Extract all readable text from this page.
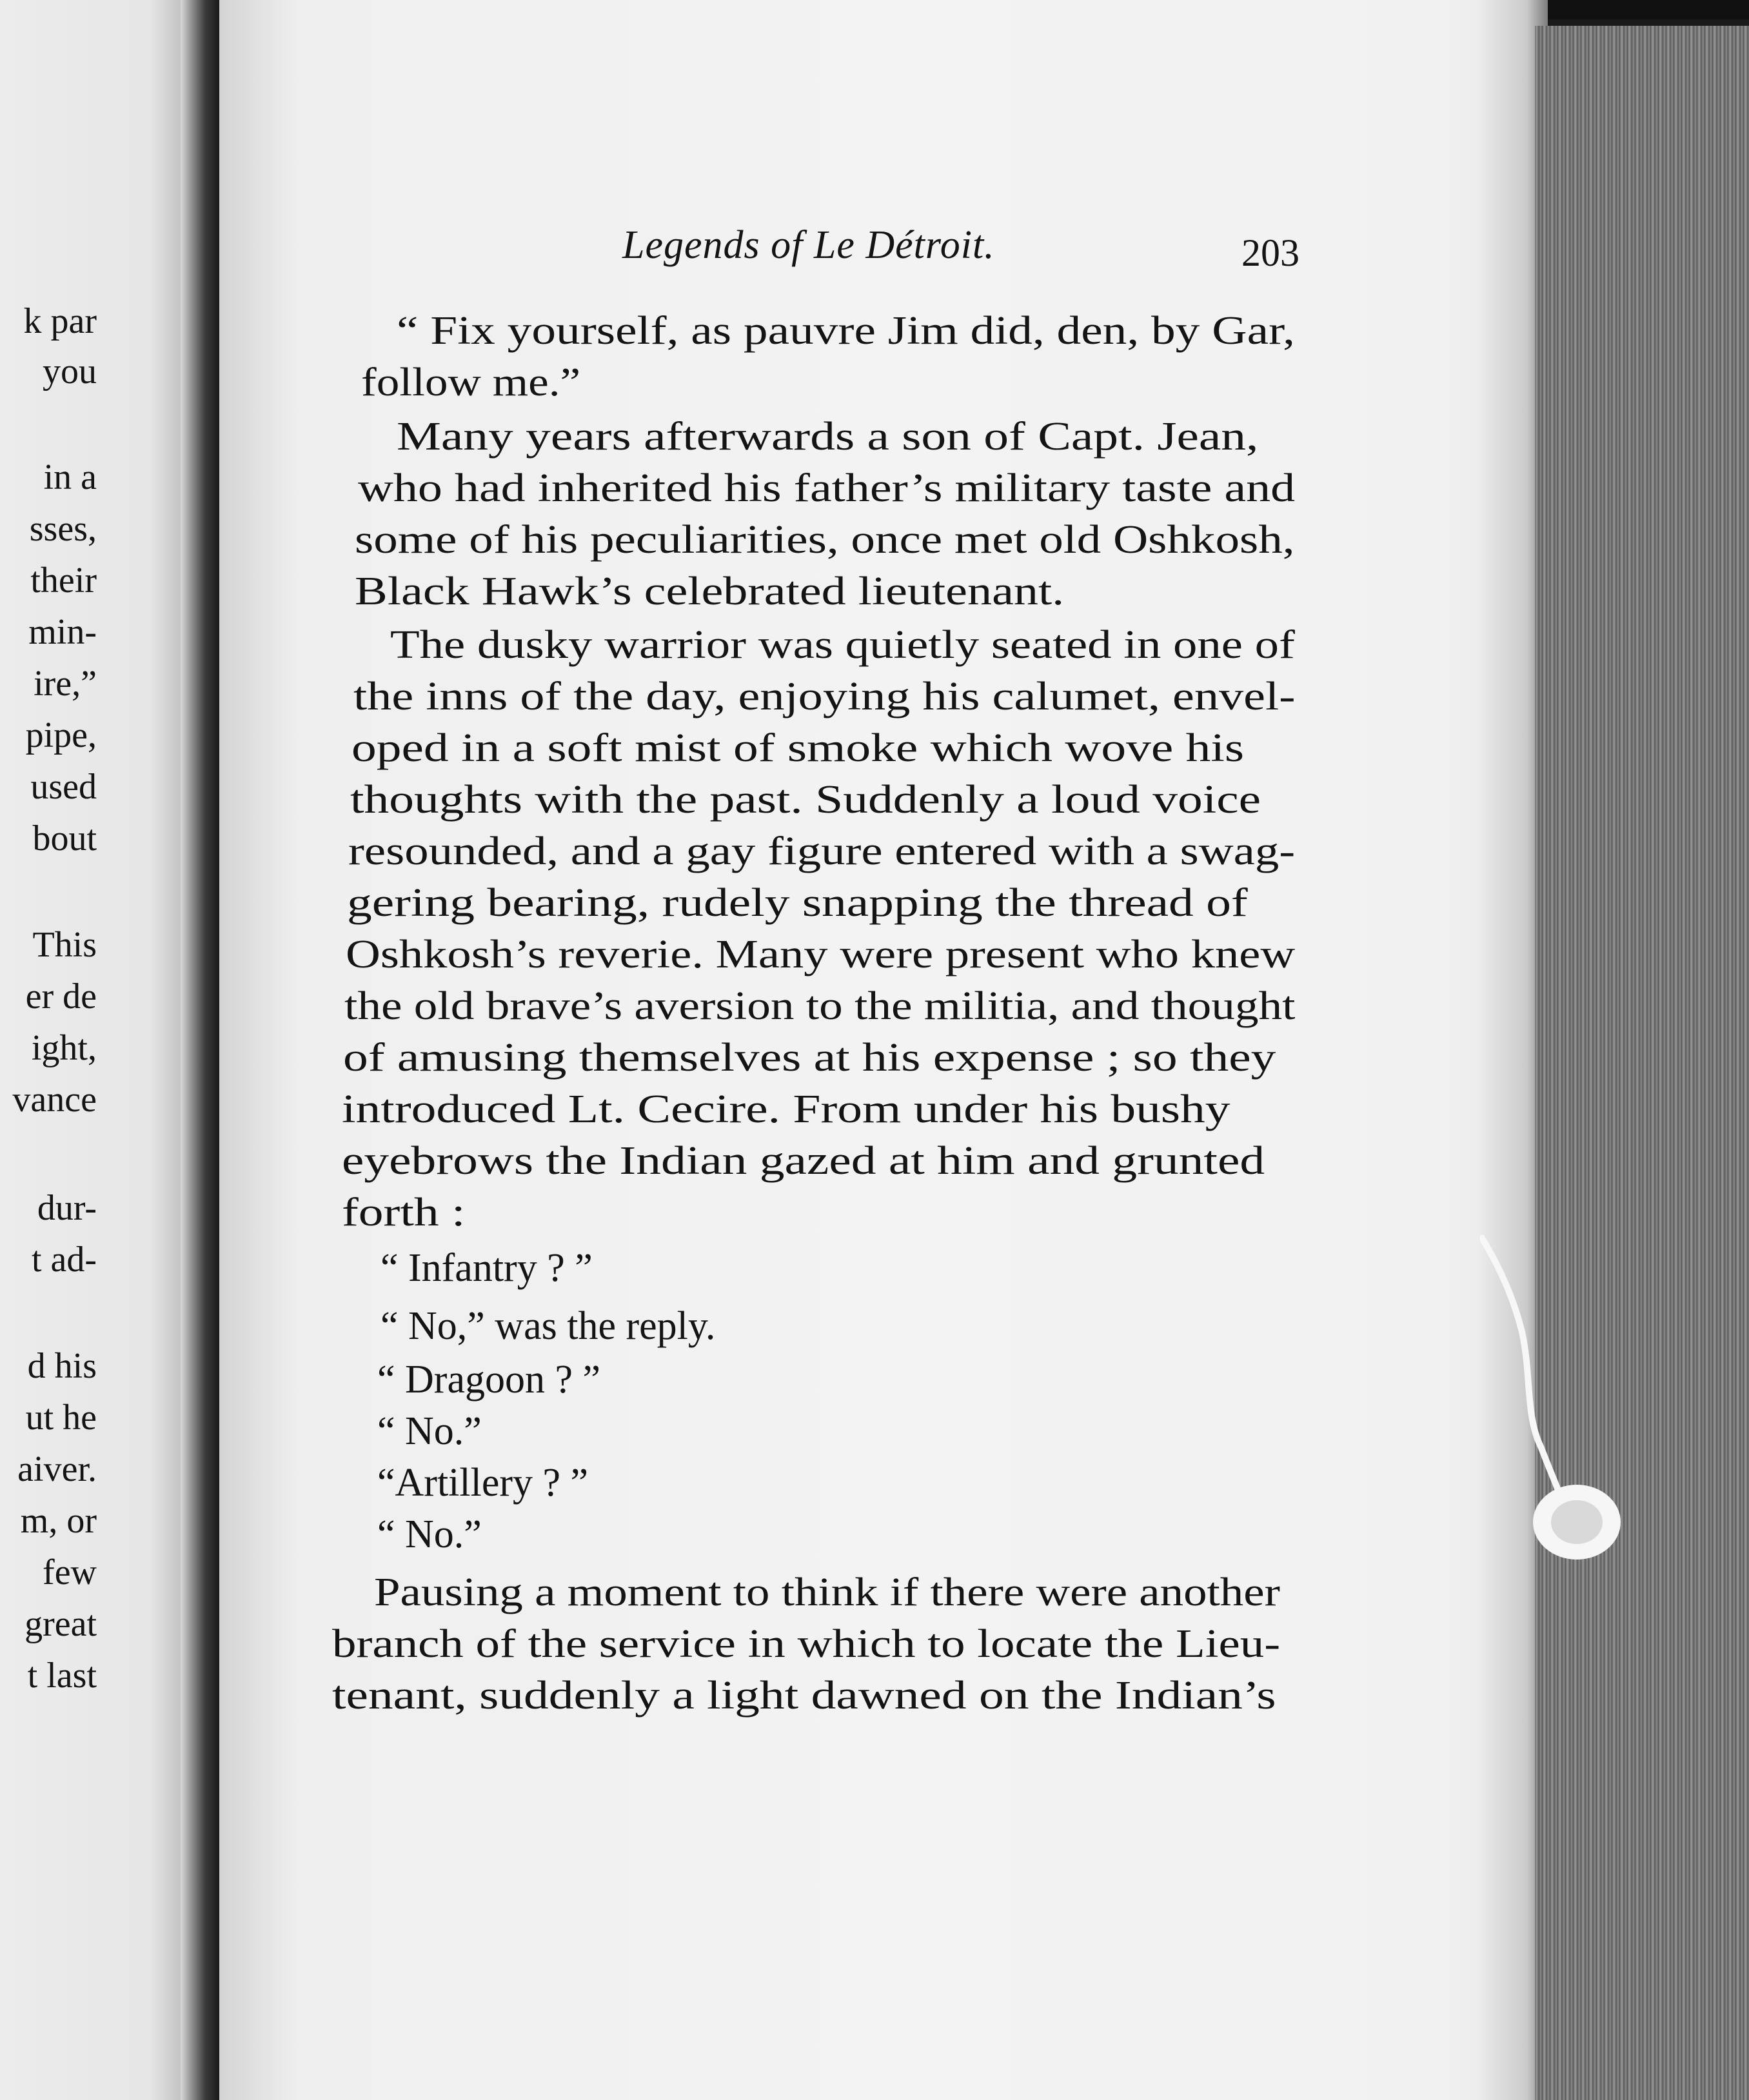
k par
you
in a
sses,
their
min-
ire,”
pipe,
used
bout
This
er de
ight,
vance
dur-
t ad-
d his
ut he
aiver.
m, or
few
great
t last
Legends of Le Détroit.	203
“ Fix yourself, as pauvre Jim did, den, by Gar,
follow me.”
Many years afterwards a son of Capt. Jean,
who had inherited his father’s military taste and
some of his peculiarities, once met old Oshkosh,
Black Hawk’s celebrated lieutenant.
The dusky warrior was quietly seated in one of
the inns of the day, enjoying his calumet, envel-
oped in a soft mist of smoke which wove his
thoughts with the past. Suddenly a loud voice
resounded, and a gay figure entered with a swag-
gering bearing, rudely snapping the thread of
Oshkosh’s reverie. Many were present who knew
the old brave’s aversion to the militia, and thought
of amusing themselves at his expense ; so they
introduced Lt. Cecire. From under his bushy
eyebrows the Indian gazed at him and grunted
forth :
“ Infantry ? ”
“ No,” was the reply.
“ Dragoon ? ”
“ No.”
“Artillery ? ”
“ No.”
Pausing a moment to think if there were another
branch of the service in which to locate the Lieu-
tenant, suddenly a light dawned on the Indian’s
